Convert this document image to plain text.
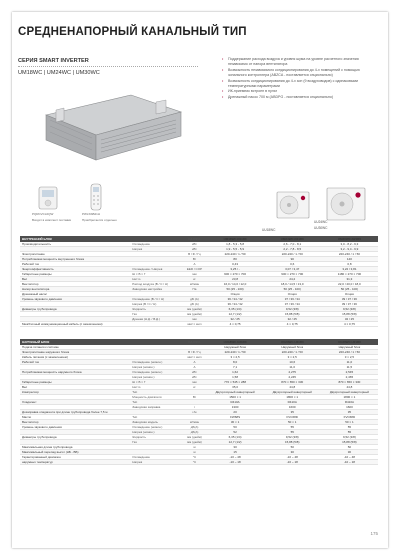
СРЕДНЕНАПОРНЫЙ КАНАЛЬНЫЙ ТИП
СЕРИЯ SMART INVERTER
UM18WC | UM24WC | UM30WC
• Поддержание расхода воздуха и уровня шума на уровне расчетного значения независимо от напора вентилятора
• Возможность независимого кондиционирования до 4-х помещений с помощью зонального контроллера (ABZCA - поставляется опционально)
• Возможность кондиционирования до 4-х зон (9 воздуховодов) с одинаковыми температурными параметрами
• ИК-приемник встроен в пульт
• Дренажный насос 700 м (ABDPG - поставляется опционально)
PQRCVCL0QW
Входит в комплект поставки
PWLSSB21H
Приобретается отдельно
UU18WC
UU24WC
UU30WC
ВНУТРЕННИЙ БЛОК		ЕД.ИЗМ.	UM18WC.N11R0	UM24WC.N11R0	UM30WC.N21R0
Производительность	Охлаждение	кВт	1,8 - 5,3 - 5,8	2,6 - 7,0 - 8,1	3,0 - 8,2 - 9,3
	Нагрев	кВт	1,9 - 5,5 - 5,9	2,2 - 7,8 - 8,5	3,2 - 9,4 - 9,9
Электропитание		В / Ф / Гц	220-240 / 1 / 50	220-240 / 1 / 50	220-240 / 1 / 50
Потребляемая мощность внутреннего блока		Вт	80	90	140
Рабочий ток		А	0,43	0,6	0,8
Энергоэффективность	Охлаждение / Нагрев	EER / COP	3,25 / -	3,07 / 3,47	3,22 / 3,81
Габаритные размеры	Ш × В × Г	мм	900 × 270 × 700	900 × 270 × 700	1180 × 270 × 700
Вес	Нетто	кг	23,8	24,2	31,3
Вентилятор	Расход воздуха (В / С / Н)	м³/мин	16,0 / 14,0 / 12,0	18,0 / 14,5 / 13,0	22,0 / 20,0 / 18,0
Напор вентилятора	Заводская настройка	Па	50 (25 - 100)	50 (25 - 100)	50 (25 - 100)
Дренажный насос			Опция	Опция	Опция
Уровень звукового давления	Охлаждение (В / С / Н)	дБ (A)	36 / 34 / 32	37 / 36 / 34	39 / 37 / 36
	Нагрев (В / С / Н)	дБ (A)	36 / 34 / 32	37 / 36 / 34	39 / 37 / 36
Диаметры трубопровода	Жидкость	мм (дюйм)	6,35 (1/4)	9,52 (3/8)	9,52 (3/8)
	Газ	мм (дюйм)	12,7 (1/2)	15,88 (5/8)	15,88 (5/8)
	Дренаж (Н.Д. / В.Д.)	мм	32 / 25	32 / 25	32 / 25
Межблочный коммуникационный кабель (с заземлением)		мм² × жил	4 × 0,75	4 × 0,75	4 × 0,75
НАРУЖНЫЙ БЛОК		ЕД.ИЗМ.	UU18WC.U21R0	UU24WC.U21R0	UU30WC.U21R0
Подача питания к системе			Наружный блок	Наружный блок	Наружный блок
Электропитание наружного блока		В / Ф / Гц	220-240 / 1 / 50	220-240 / 1 / 50	220-240 / 1 / 50
Кабель питания (с заземлением)		мм² × жил	3 × 2,5	3 × 2,5	3 × 2,5
Рабочий ток	Охлаждение (номин.)	А	8,0	10,6	11,0
	Нагрев (номин.)	А	7,1	11,0	11,5
Потребляемая мощность наружного блока	Охлаждение (номин.)	кВт	1,62	2,275	2,545
	Нагрев (номин.)	кВт	1,58	2,245	2,465
Габаритные размеры	Ш × В × Г	мм	770 × 545 × 288	870 × 650 × 330	870 × 650 × 330
Вес	Нетто	кг	35,0	44,8	44,8
Компрессор	Тип		Двухроторный инверторный	Двухроторный инверторный	Двухроторный инверторный
	Мощность двигателя	Вт	1500 × 1	1800 × 1	1800 × 1
Хладагент	Тип		R410A	R410A	R410A
	Заводская заправка	г	1300	1600	1600
Дозаправка хладагента при длине трубопровода более 7,5 м		г/м	20	35	35
Масло	Тип		FW68S	FVC68D	FVC68D
Вентилятор	Заводская модель	м³/мин	30 × 1	50 × 1	50 × 1
Уровень звукового давления	Охлаждение (номин.)	дБ(А)	50	55	55
	Нагрев (номин.)	дБ(А)	52	55	55
Диаметры трубопровода	Жидкость	мм (дюйм)	6,35 (1/4)	9,52 (3/8)	9,52 (3/8)
	Газ	мм (дюйм)	12,7 (1/2)	15,88 (5/8)	15,88 (5/8)
Максимальная длина трубопровода		м	30	50	50
Максимальный перепад высот (НБ - ВБ)		м	15	30	30
Гарантированный диапазон	Охлаждение	°С	-10 ~ 48	-10 ~ 48	-10 ~ 48
наружных температур	Нагрев	°С	-10 ~ 18	-10 ~ 18	-10 ~ 18
175
